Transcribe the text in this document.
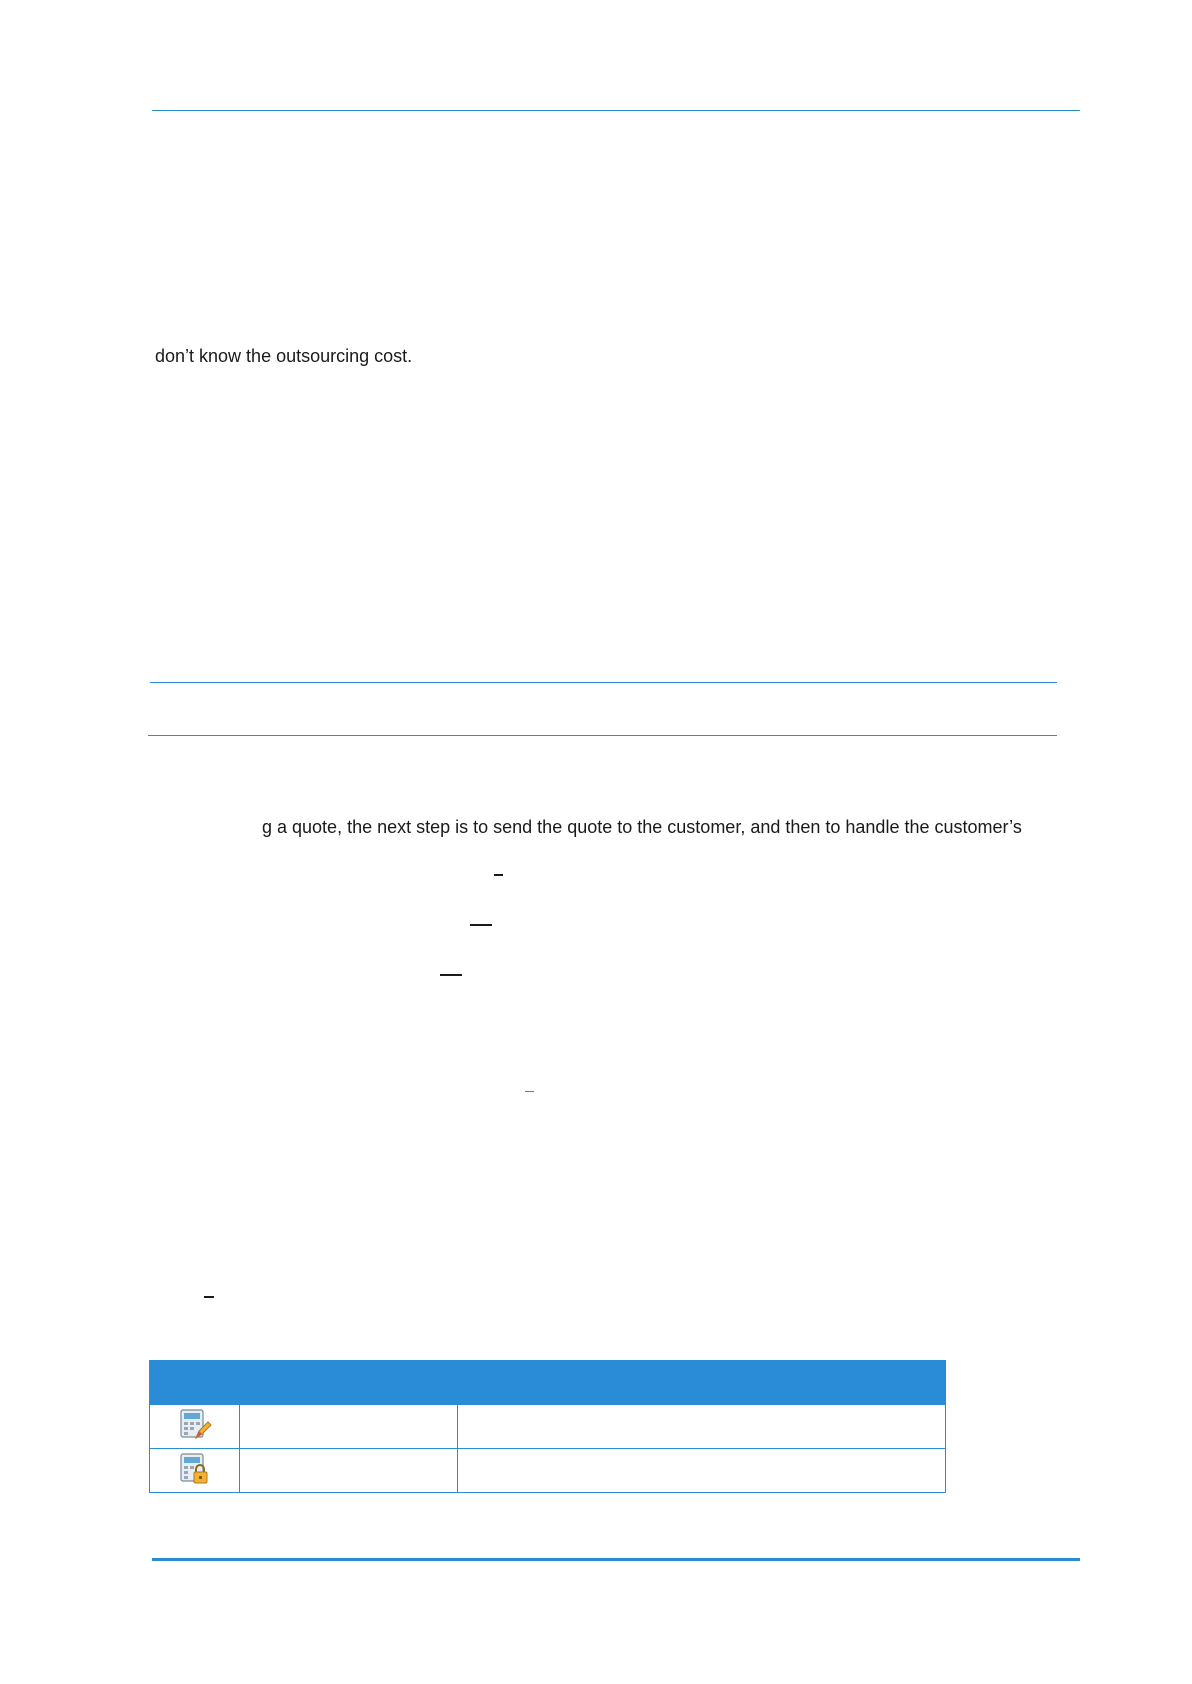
don’t know the outsourcing cost.
g a quote, the next step is to send the quote to the customer, and then to handle the customer’s
